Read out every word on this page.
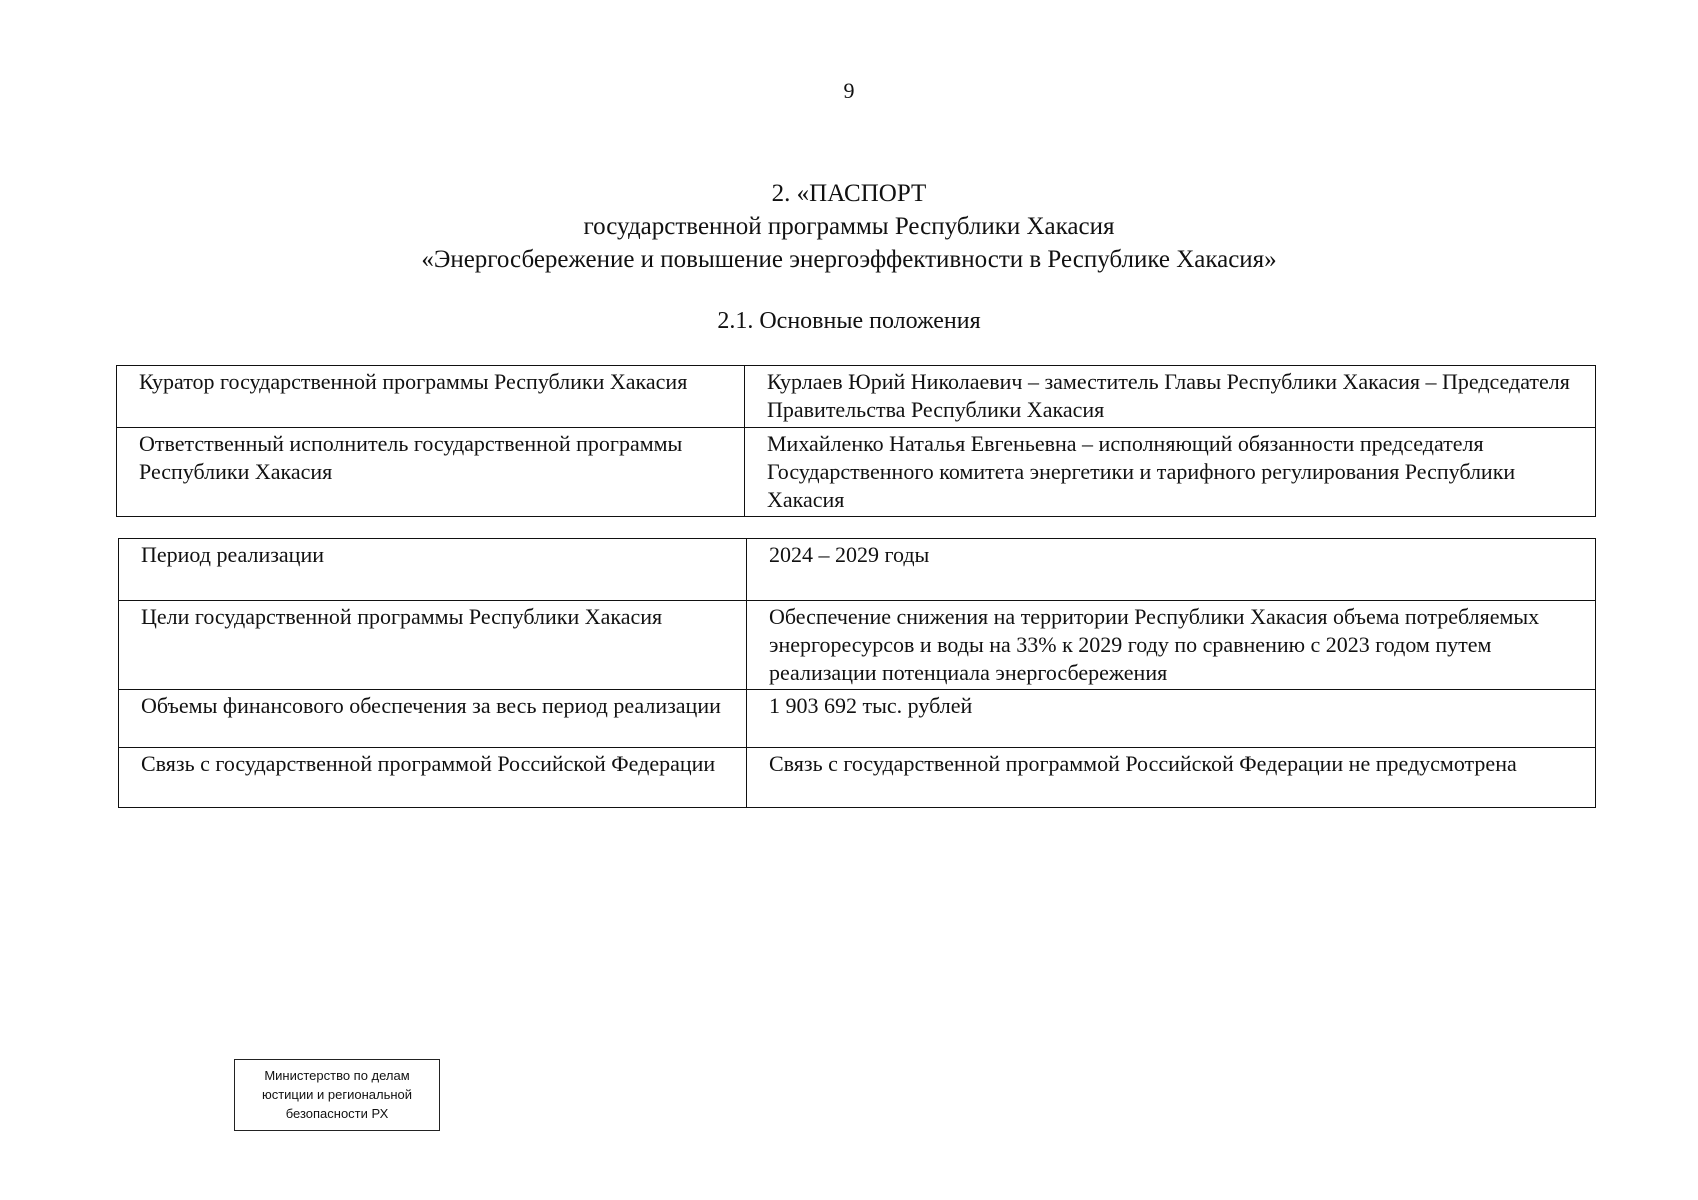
9
2. «ПАСПОРТ
государственной программы Республики Хакасия
«Энергосбережение и повышение энергоэффективности в Республике Хакасия»
2.1. Основные положения
Куратор государственной программы Республики Хакасия	Курлаев Юрий Николаевич – заместитель Главы Республики Хакасия – Председателя Правительства Республики Хакасия
Ответственный исполнитель государственной программы Республики Хакасия	Михайленко Наталья Евгеньевна – исполняющий обязанности председателя Государственного комитета энергетики и тарифного регулирования Республики Хакасия
Период реализации	2024 – 2029 годы
Цели государственной программы Республики Хакасия	Обеспечение снижения на территории Республики Хакасия объема потребляемых энергоресурсов и воды на 33% к 2029 году по сравнению с 2023 годом путем реализации потенциала энергосбережения
Объемы финансового обеспечения за весь период реализации	1 903 692 тыс. рублей
Связь с государственной программой Российской Федерации	Связь с государственной программой Российской Федерации не предусмотрена
Министерство по делам
юстиции и региональной
безопасности РХ
